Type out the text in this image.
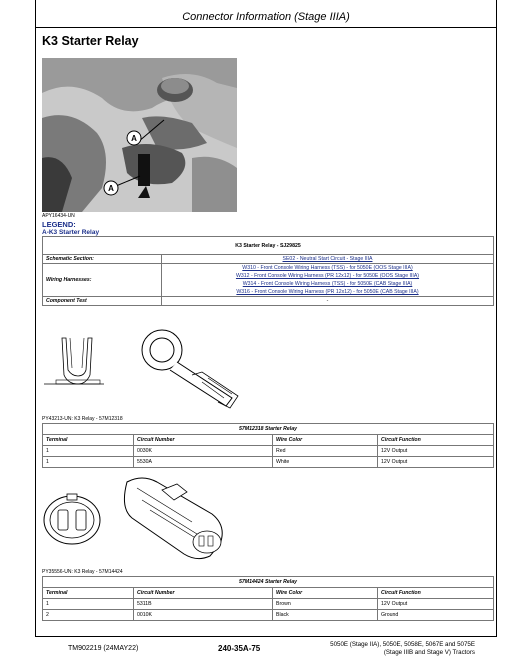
Connector Information (Stage IIIA)
K3 Starter Relay
A
A
APY16434-UN
LEGEND:
A-K3 Starter Relay
K3 Starter Relay - SJ29825	
Schematic Section:	SE02 - Neutral Start Circuit - Stage IIIA
Wiring Harnesses:	W310 - Front Console Wiring Harness (TSS) - for 5050E (OOS Stage IIIA)
W312 - Front Console Wiring Harness (PR 12x12) - for 5050E (OOS Stage IIIA)
W314 - Front Console Wiring Harness (TSS) - for 5050E (CAB Stage IIIA)
W316 - Front Console Wiring Harness (PR 12x12) - for 5050E (CAB Stage IIIA)

Component Test	-
PY43213-UN: K3 Relay - 57M12318
57M12318 Starter Relay			
Terminal	Circuit Number	Wire Color	Circuit Function
1	0030K	Red	12V Output
1	5530A	White	12V Output
PY35556-UN: K3 Relay - 57M14424
57M14424 Starter Relay			
Terminal	Circuit Number	Wire Color	Circuit Function
1	5311B	Brown	12V Output
2	0010K	Black	Ground
TM902219 (24MAY22)	240-35A-75	5050E (Stage IIA), 5050E, 5058E, 5067E and 5075E
(Stage IIIB and Stage V) Tractors
